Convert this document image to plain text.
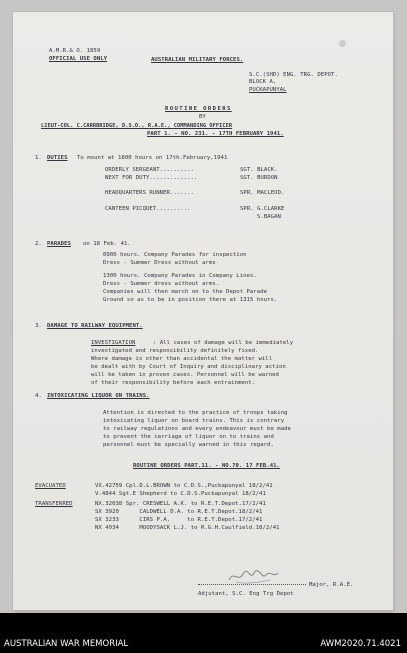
A.M.R.& O. 1859
OFFICIAL USE ONLY	AUSTRALIAN MILITARY FORCES.
S.C.(SHD) ENG. TRG. DEPOT.
BLOCK A,
PUCKAPUNYAL
ROUTINE ORDERS
BY
LIEUT-COL. C.CARRBRIDGE, D.S.O., R.A.E., COMMANDING OFFICER
PART 1. - NO. 231. - 17TH FEBRUARY 1941.
1. DUTIES To mount at 1800 hours on 17th.February,1941
ORDERLY SERGEANT..........	SGT. BLACK.
NEXT FOR DUTY..............	SGT. BURDON
HEADQUARTERS RUNNER.......	SPR. MACLEOD.
CANTEEN PICQUET..........	SPR. G.CLARKE
S.BAGAN
2. PARADES on 18 Feb. 41.
0900 hours. Company Parades for inspection
Dress - Summer Dress without arms
1300 hours. Company Parades in Company Lines.
Dress - Summer dress without arms.
Companies will then march on to the Depot Parade
Ground so as to be in position there at 1315 hours.
3. DAMAGE TO RAILWAY EQUIPMENT.
INVESTIGATION	: All cases of damage will be immediately
investigated and responsibility definitely fixed.
Where damage is other than accidental the matter will
be dealt with by Court of Inquiry and disciplinary action
will be taken in proven cases. Personnel will be warned
of their responsibility before each entrainment.
4. INTOXICATING LIQUOR ON TRAINS.
Attention is directed to the practice of troops taking
intoxicating liquor on board trains. This is contrary
to railway regulations and every endeavour must be made
to prevent the carriage of liquor on to trains and
personnel must be specially warned in this regard.
ROUTINE ORDERS PART.11. - NO.70. 17 FEB.41.
EVACUATED	VX.42759 Cpl.D.L.BROWN to C.D.S.,Puckapunyal 18/2/41
V.4844 Sgt.E Shepherd to C.D.S.Puckapunyal 18/2/41
TRANSFERRED	NX.32038 Spr. CRESWELL A.K. to R.E.T.Depot.17/2/41
SX 3920      CALDWELL D.A. to R.E.T.Depot.18/2/41
SX 3233      CIRS P.A.     to R.E.T.Depot.17/2/41
NX 4934      MOODYSACK L.J. to R.G.H.Caulfield.18/2/41
Major, R.A.E.
Adjutant, S.C. Eng Trg Depot
AUSTRALIAN WAR MEMORIAL	AWM2020.71.4021
